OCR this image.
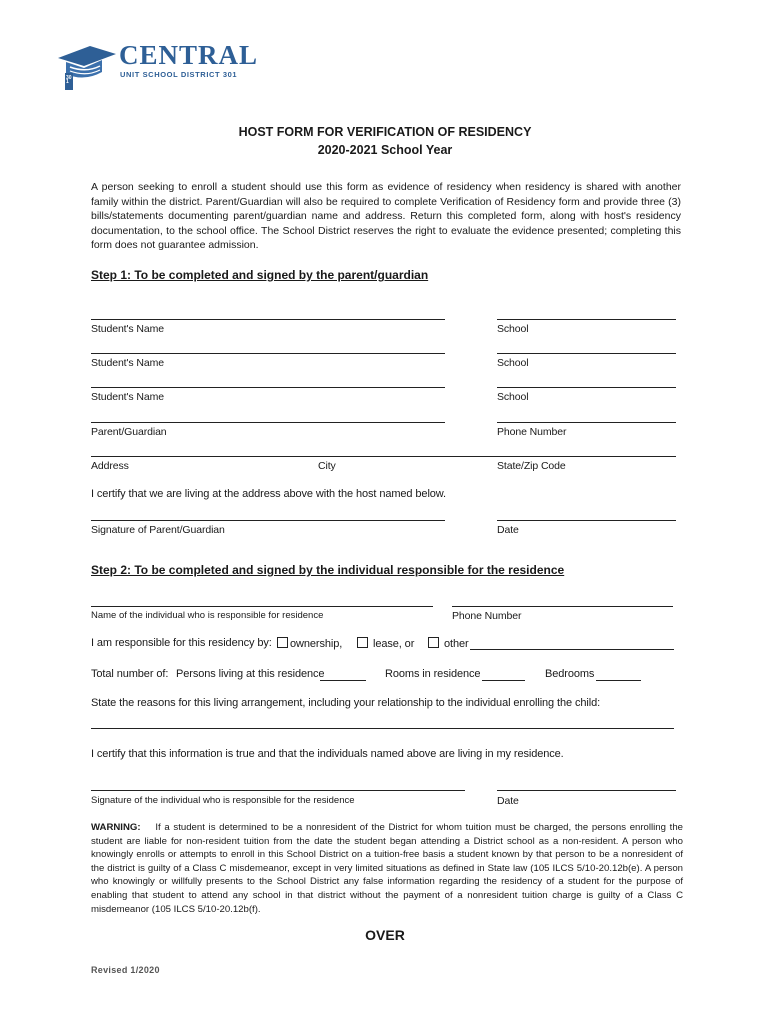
301
CENTRAL
UNIT SCHOOL DISTRICT 301
HOST FORM FOR VERIFICATION OF RESIDENCY
2020-2021 School Year
A person seeking to enroll a student should use this form as evidence of residency when residency is shared with another family within the district. Parent/Guardian will also be required to complete Verification of Residency form and provide three (3) bills/statements documenting parent/guardian name and address. Return this completed form, along with host's residency documentation, to the school office. The School District reserves the right to evaluate the evidence presented; completing this form does not guarantee admission.
Step 1: To be completed and signed by the parent/guardian
Student's Name	School
Student's Name	School
Student's Name	School
Parent/Guardian	Phone Number
Address	City	State/Zip Code
I certify that we are living at the address above with the host named below.
Signature of Parent/Guardian	Date
Step 2: To be completed and signed by the individual responsible for the residence
Name of the individual who is responsible for residence	Phone Number
I am responsible for this residency by:	ownership,	lease, or	other
Total number of: Persons living at this residence	Rooms in residence	Bedrooms
State the reasons for this living arrangement, including your relationship to the individual enrolling the child:
I certify that this information is true and that the individuals named above are living in my residence.
Signature of the individual who is responsible for the residence	Date
WARNING: If a student is determined to be a nonresident of the District for whom tuition must be charged, the persons enrolling the student are liable for non-resident tuition from the date the student began attending a District school as a non-resident. A person who knowingly enrolls or attempts to enroll in this School District on a tuition-free basis a student known by that person to be a nonresident of the district is guilty of a Class C misdemeanor, except in very limited situations as defined in State law (105 ILCS 5/10-20.12b(e). A person who knowingly or willfully presents to the School District any false information regarding the residency of a student for the purpose of enabling that student to attend any school in that district without the payment of a nonresident tuition charge is guilty of a Class C misdemeanor (105 ILCS 5/10-20.12b(f).
OVER
Revised 1/2020
